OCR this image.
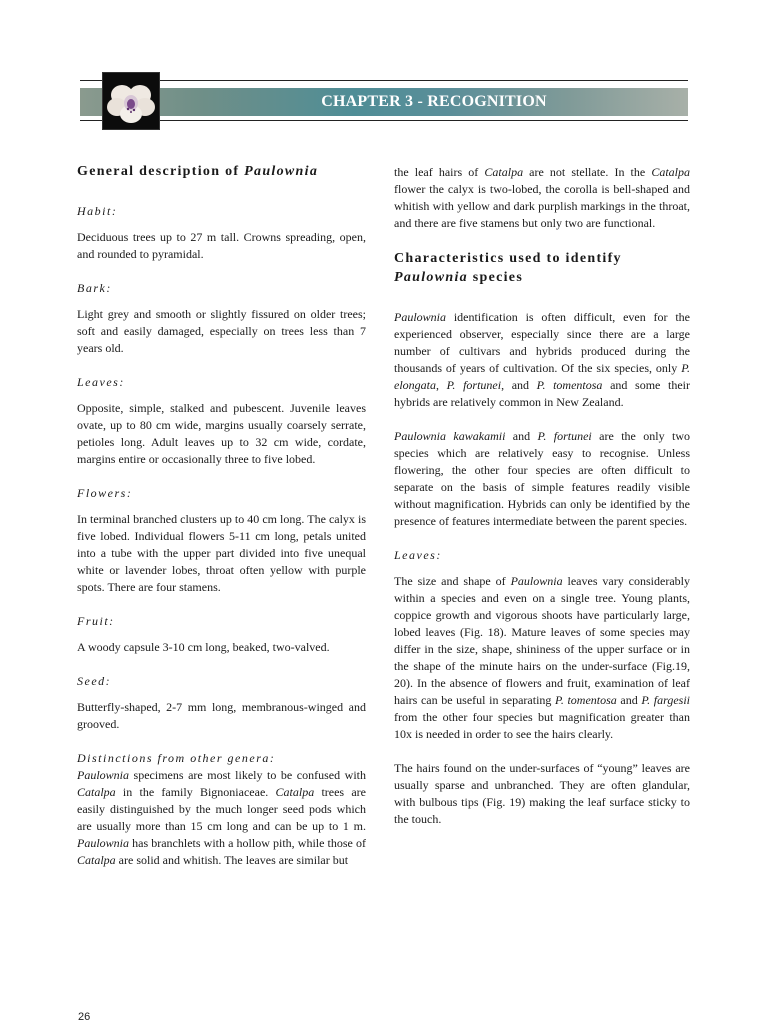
CHAPTER 3 - RECOGNITION
General description of Paulownia

Habit:

Deciduous trees up to 27 m tall. Crowns spreading, open, and rounded to pyramidal.

Bark:

Light grey and smooth or slightly fissured on older trees; soft and easily damaged, especially on trees less than 7 years old.

Leaves:

Opposite, simple, stalked and pubescent. Juvenile leaves ovate, up to 80 cm wide, margins usually coarsely serrate, petioles long. Adult leaves up to 32 cm wide, cordate, margins entire or occasionally three to five lobed.

Flowers:

In terminal branched clusters up to 40 cm long. The calyx is five lobed. Individual flowers 5-11 cm long, petals united into a tube with the upper part divided into five unequal white or lavender lobes, throat often yellow with purple spots. There are four stamens.

Fruit:

A woody capsule 3-10 cm long, beaked, two-valved.

Seed:

Butterfly-shaped, 2-7 mm long, membranous-winged and grooved.

Distinctions from other genera:

Paulownia specimens are most likely to be confused with Catalpa in the family Bignoniaceae. Catalpa trees are easily distinguished by the much longer seed pods which are usually more than 15 cm long and can be up to 1 m. Paulownia has branchlets with a hollow pith, while those of Catalpa are solid and whitish. The leaves are similar but

the leaf hairs of Catalpa are not stellate. In the Catalpa flower the calyx is two-lobed, the corolla is bell-shaped and whitish with yellow and dark purplish markings in the throat, and there are five stamens but only two are functional.

Characteristics used to identify
Paulownia species

Paulownia identification is often difficult, even for the experienced observer, especially since there are a large number of cultivars and hybrids produced during the thousands of years of cultivation. Of the six species, only P. elongata, P. fortunei, and P. tomentosa and some their hybrids are relatively common in New Zealand.

Paulownia kawakamii and P. fortunei are the only two species which are relatively easy to recognise. Unless flowering, the other four species are often difficult to separate on the basis of simple features readily visible without magnification. Hybrids can only be identified by the presence of features intermediate between the parent species.

Leaves:

The size and shape of Paulownia leaves vary considerably within a species and even on a single tree. Young plants, coppice growth and vigorous shoots have particularly large, lobed leaves (Fig. 18). Mature leaves of some species may differ in the size, shape, shininess of the upper surface or in the shape of the minute hairs on the under-surface (Fig.19, 20). In the absence of flowers and fruit, examination of leaf hairs can be useful in separating P. tomentosa and P. fargesii from the other four species but magnification greater than 10x is needed in order to see the hairs clearly.

The hairs found on the under-surfaces of “young” leaves are usually sparse and unbranched. They are often glandular, with bulbous tips (Fig. 19) making the leaf surface sticky to the touch.

26
